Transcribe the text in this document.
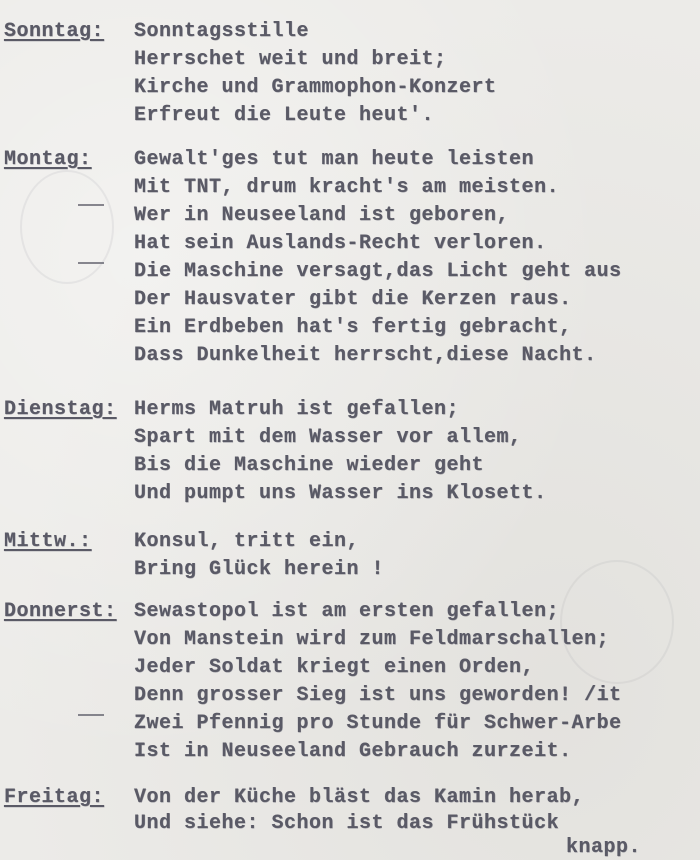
Sonntag: Sonntagsstille
Herrschet weit und breit;
Kirche und Grammophon-Konzert
Erfreut die Leute heut'.
Montag: Gewalt'ges tut man heute leisten
Mit TNT, drum kracht's am meisten.
Wer in Neuseeland ist geboren,
Hat sein Auslands-Recht verloren.
Die Maschine versagt,das Licht geht aus
Der Hausvater gibt die Kerzen raus.
Ein Erdbeben hat's fertig gebracht,
Dass Dunkelheit herrscht,diese Nacht.
Dienstag: Herms Matruh ist gefallen;
Spart mit dem Wasser vor allem,
Bis die Maschine wieder geht
Und pumpt uns Wasser ins Klosett.
Mittw.: Konsul, tritt ein,
Bring Glück herein !
Donnerst: Sewastopol ist am ersten gefallen;
Von Manstein wird zum Feldmarschallen;
Jeder Soldat kriegt einen Orden,
Denn grosser Sieg ist uns geworden! /it
Zwei Pfennig pro Stunde für Schwer-Arbe
Ist in Neuseeland Gebrauch zurzeit.
Freitag: Von der Küche bläst das Kamin herab,
Und siehe: Schon ist das Frühstück
knapp.
